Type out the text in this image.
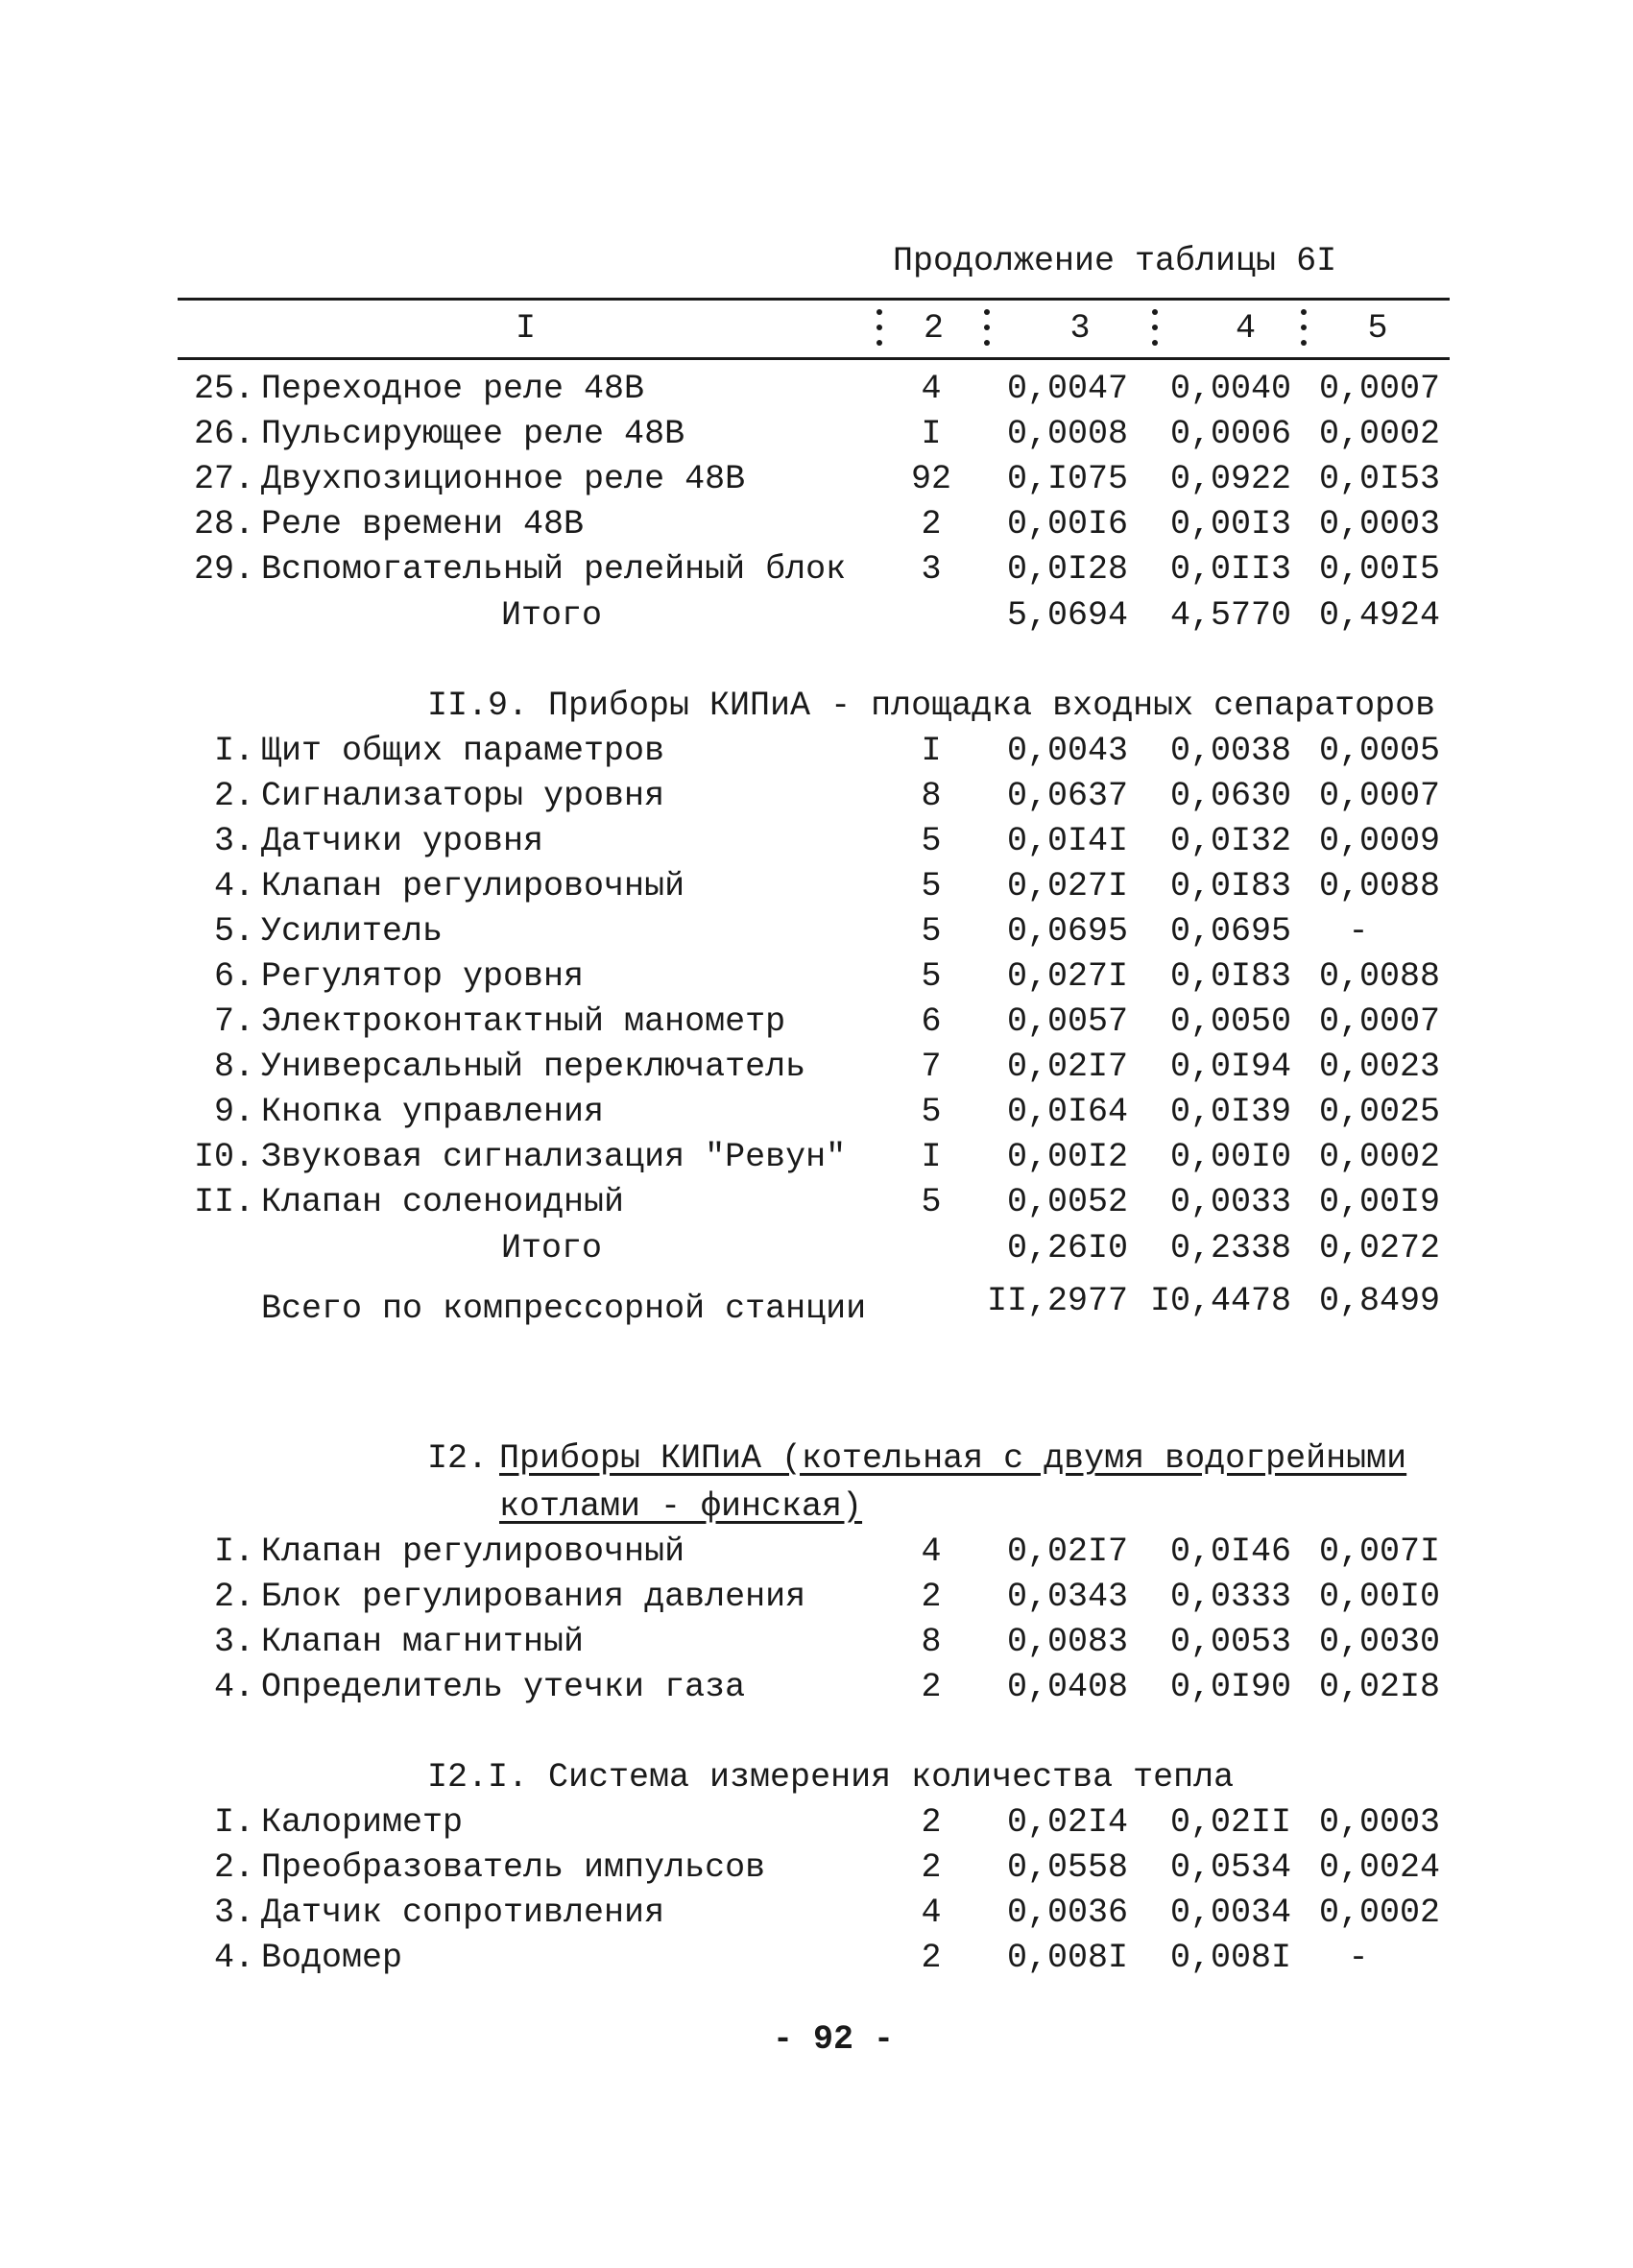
Продолжение таблицы 6I
I	2	3	4	5
25. Переходное реле 48В	4	0,0047	0,0040 0,0007
26. Пульсирующее реле 48В	I	0,0008	0,0006 0,0002
27. Двухпозиционное реле 48В	92	0,I075	0,0922 0,0I53
28. Реле времени 48В	2	0,00I6	0,00I3 0,0003
29. Вспомогательный релейный блок	3	0,0I28	0,0II3 0,00I5
Итого	5,0694	4,5770 0,4924
II.9. Приборы КИПиА - площадка входных сепараторов
I. Щит общих параметров	I	0,0043	0,0038 0,0005
2. Сигнализаторы уровня	8	0,0637	0,0630 0,0007
3. Датчики уровня	5	0,0I4I	0,0I32 0,0009
4. Клапан регулировочный	5	0,027I	0,0I83 0,0088
5. Усилитель	5	0,0695	0,0695	-
6. Регулятор уровня	5	0,027I	0,0I83 0,0088
7. Электроконтактный манометр	6	0,0057	0,0050 0,0007
8. Универсальный переключатель	7	0,02I7	0,0I94 0,0023
9. Кнопка управления	5	0,0I64	0,0I39 0,0025
I0. Звуковая сигнализация "Ревун"	I	0,00I2	0,00I0 0,0002
II. Клапан соленоидный	5	0,0052	0,0033 0,00I9
Итого	0,26I0	0,2338 0,0272
Всего по компрессорной станции	II,2977 I0,4478 0,8499
I2. Приборы КИПиА (котельная с двумя водогрейными
котлами - финская)
I. Клапан регулировочный	4	0,02I7	0,0I46 0,007I
2. Блок регулирования давления	2	0,0343	0,0333 0,00I0
3. Клапан магнитный	8	0,0083	0,0053 0,0030
4. Определитель утечки газа	2	0,0408	0,0I90 0,02I8
I2.I. Система измерения количества тепла
I. Калориметр	2	0,02I4	0,02II 0,0003
2. Преобразователь импульсов	2	0,0558	0,0534 0,0024
3. Датчик сопротивления	4	0,0036	0,0034 0,0002
4. Водомер	2	0,008I	0,008I	-
- 92 -
